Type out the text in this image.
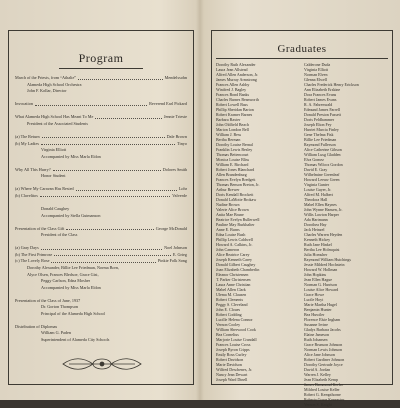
Program
March of the Priests, from “Athalie”	Mendelssohn
Alameda High School Orchestra
John F. Kollar, Director
Invocation	Reverend Earl Pickard
What Alameda High School Has Meant To Me	Jennie Trieste
President of the Associated Students
(a) The Return	Dale Brown
(b) My Ladies	Tinyo
Virginia Elliott
Accompanied by Miss Marla Eldon
Why All This Hurry?	Dolores Smith
Honor Student
(a) Where My Caravan Has Rested	Lohr
(b) Clavelitos	Valverde
Donald Caughey
Accompanied by Stella Gutmanson
Presentation of the Class Gift	George McDonald
President of the Class
(a) Gray Days	Noel Johnson
(b) The First Primrose	E. Grieg
(c) The Lovely Rose	Pinkie Folk Song
Dorothy Alexander, Billie Lee Friedman, Norma Born,
Alyce Olsen, Frances Bledsoe, Grace Gist,
Peggy Carlson, Edna Mosher
Accompanied by Miss Marla Eldon
Presentation of the Class of June, 1937
Dr. Gorton Thompson
Principal of the Alameda High School
Distribution of Diplomas
William G. Paden
Superintendent of Alameda City Schools
Graduates
Dorothy Ruth Alexander
Laura Jean Allstead
Alfred Allen Anderson, Jr.
James Murray Armstrong
Frances Allen Ashby
Winifred J. Bagley
Frances Bond Banks
Charles Barnes Beanworth
Robert Lowell Bass
Phillip Sheridan Barton
Robert Kramer Barnes
Barbara Baxter
John Oldfield Beach
Marion London Bell
William J. Bess
Bertha Berman
Dorothy Louise Bernal
Franklin Lewis Besley
Thomas Bettencourt
Monica Louise Bliss
William E. Birchard
Robert Jones Blanchard
Allen Brandenburg
Frances Evelyn Bredgett
Thomas Benson Breton, Jr.
Arthur Brewer
Doris Kendall Brockett
Donald LaMotte Brokaw
Nadine Brown
Valerie Alice Brown
Anita Mae Brune
Beatrice Evelyn Bullerwell
Pauline May Burkhalter
Anne E. Burns
Edna Louise Bush
Phillip Lewis Caldwell
Howard A. Calkins, Jr.
John Cameron
Alice Beatrice Carey
Joseph Kenneth Carey
Donald Gilbert Caughey
Joan Elizabeth Chamberlin
Eleanor Christensen
T. Parker Christensen
Laura Anne Christian
Mabel Allen Clark
Ulema M. Clausen
Robert Clements
Peggy S. Cleveland
John E. Cloues
Robert Codding
Lucille Helena Connor
Vernon Cooley
William Sherwood Cook
Bea Cornelius
Marjorie Louise Crandall
Frances Louise Cross
Joseph Byron Cripps
Emily Ross Curley
Robert Davidson
Marie Davidson
Wilfred Deschenes, Jr.
Nancy Jean Dewart
Joseph Ward Dinell
Calderone Duda
Virginia Elliott
Norman Elven
Glenna Elwell
Charles Frederick Henry Erickson
Ann Elizabeth Erskine
Dora Frances Evans
Robert James Evans
R. A. Fahrenwald
Edmund James Farrell
Donald Preston Fassett
Doris Feldhammer
Joseph Elton Fey
Harriet Marcia Finley
Gene Thelma Fisk
Billie Lee Friedman
Raymond Fullerson
Alice Catherine Gibson
William Lusg Gladden
Elva Gomez
Thomas Wilcox Gordon
David E. Gray
Wilhelmine Greenleaf
Howard Leeuw Green
Virginia Gunter
Louise Guyer, Jr.
Alfred M. Halbert
Theodora Hall
Mabel Ellen Haynes
John Wynne Hansen, Jr.
Willis Lawton Harper
Ada Hartmann
Dorothea Hay
Jack Heinzel
Charles Warren Heyden
Kenneth Hickey
Ruth Jane Hinkel
Bertha Lee Holmquist
Julia Homsher
Raymond William Hutchings
Jessie Mildred Hochstein
Howard W. Hollman
John Hopkins
Jean Ellen Hague
Norman G. Harrison
Louise Alice Howard
Grace Howe
Lucile Hoyt
Marie Martha Hugel
Benjamin Hunter
Bea Huwiler
Florence Elsie Ingham
Susanne Irvine
Gladys Barbara Jacobs
Elaine Jameson
Ruth Johansen
Grace Brunson Johnson
Norman Lewis Johnson
Alice Jane Johnson
Robert Gardiner Johnson
Dorothy Gertrude Joyce
David A. Jordan
Warren J. Kelley
Jean Elizabeth Kemp
James Hammond Kerlee
Mildred Louise Keller
Robert G. Kempthorne
Roberta Grace Keneaster
Vernon S. Knight
